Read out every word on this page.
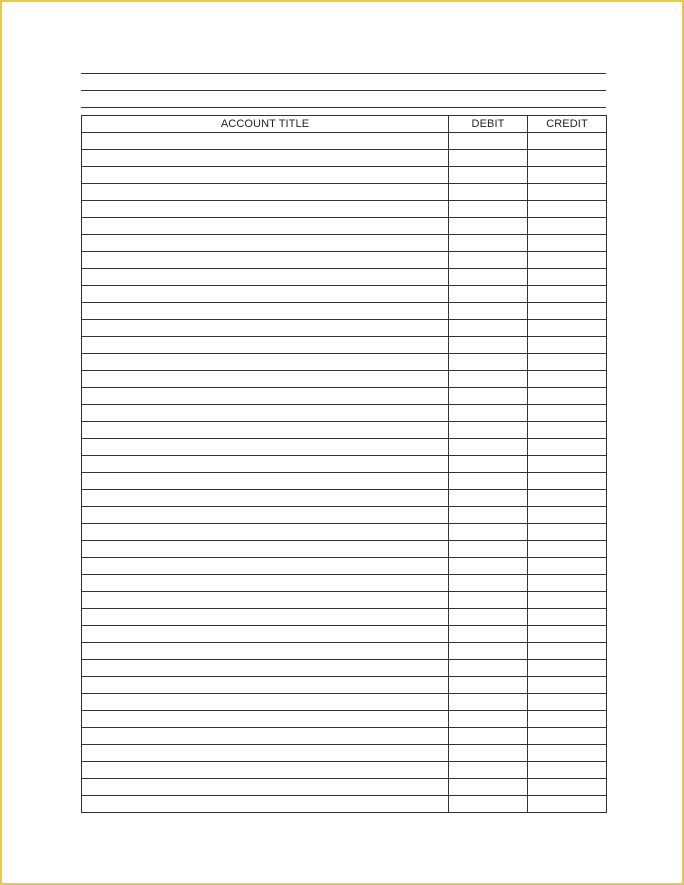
ACCOUNT TITLE	DEBIT	CREDIT
